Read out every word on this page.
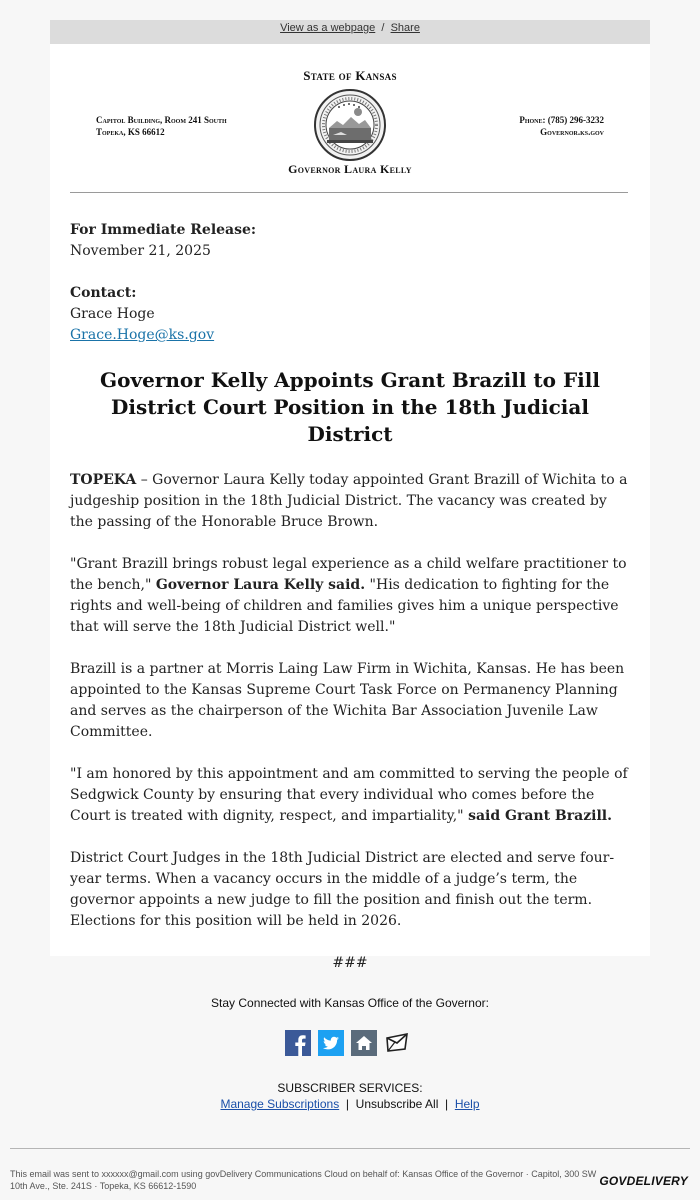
View as a webpage / Share
State of Kansas
Capitol Building, Room 241 South
Topeka, KS 66612
Phone: (785) 296-3232
Governor.ks.gov
Governor Laura Kelly
For Immediate Release:
November 21, 2025
Contact:
Grace Hoge
Grace.Hoge@ks.gov
Governor Kelly Appoints Grant Brazill to Fill District Court Position in the 18th Judicial District

TOPEKA – Governor Laura Kelly today appointed Grant Brazill of Wichita to a judgeship position in the 18th Judicial District. The vacancy was created by the passing of the Honorable Bruce Brown.

"Grant Brazill brings robust legal experience as a child welfare practitioner to the bench," Governor Laura Kelly said. "His dedication to fighting for the rights and well-being of children and families gives him a unique perspective that will serve the 18th Judicial District well."

Brazill is a partner at Morris Laing Law Firm in Wichita, Kansas. He has been appointed to the Kansas Supreme Court Task Force on Permanency Planning and serves as the chairperson of the Wichita Bar Association Juvenile Law Committee.

"I am honored by this appointment and am committed to serving the people of Sedgwick County by ensuring that every individual who comes before the Court is treated with dignity, respect, and impartiality," said Grant Brazill.

District Court Judges in the 18th Judicial District are elected and serve four-year terms. When a vacancy occurs in the middle of a judge’s term, the governor appoints a new judge to fill the position and finish out the term. Elections for this position will be held in 2026.

###
Stay Connected with Kansas Office of the Governor:
SUBSCRIBER SERVICES:
Manage Subscriptions | Unsubscribe All | Help
This email was sent to xxxxxx@gmail.com using govDelivery Communications Cloud on behalf of: Kansas Office of the Governor · Capitol, 300 SW 10th Ave., Ste. 241S · Topeka, KS 66612-1590	GOVDELIVERY
